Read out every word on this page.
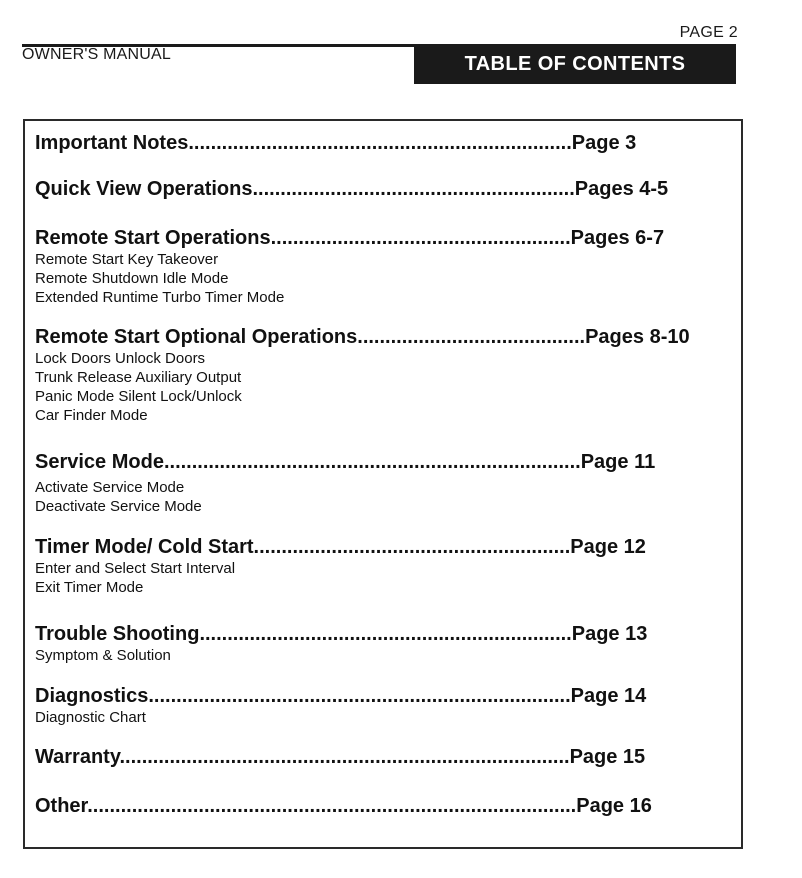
PAGE 2
OWNER'S MANUAL	TABLE OF CONTENTS
Important Notes.....................................................................Page 3
Quick View Operations..........................................................Pages 4-5
Remote Start Operations......................................................Pages 6-7
Remote Start Key Takeover
Remote Shutdown Idle Mode
Extended Runtime Turbo Timer Mode
Remote Start Optional Operations.........................................Pages 8-10
Lock Doors Unlock Doors
Trunk Release Auxiliary Output
Panic Mode Silent Lock/Unlock
Car Finder Mode
Service Mode...........................................................................Page 11
Activate Service Mode
Deactivate Service Mode
Timer Mode/ Cold Start.........................................................Page 12
Enter and Select Start Interval
Exit Timer Mode
Trouble Shooting...................................................................Page 13
Symptom & Solution
Diagnostics............................................................................Page 14
Diagnostic Chart
Warranty.................................................................................Page 15
Other........................................................................................Page 16
